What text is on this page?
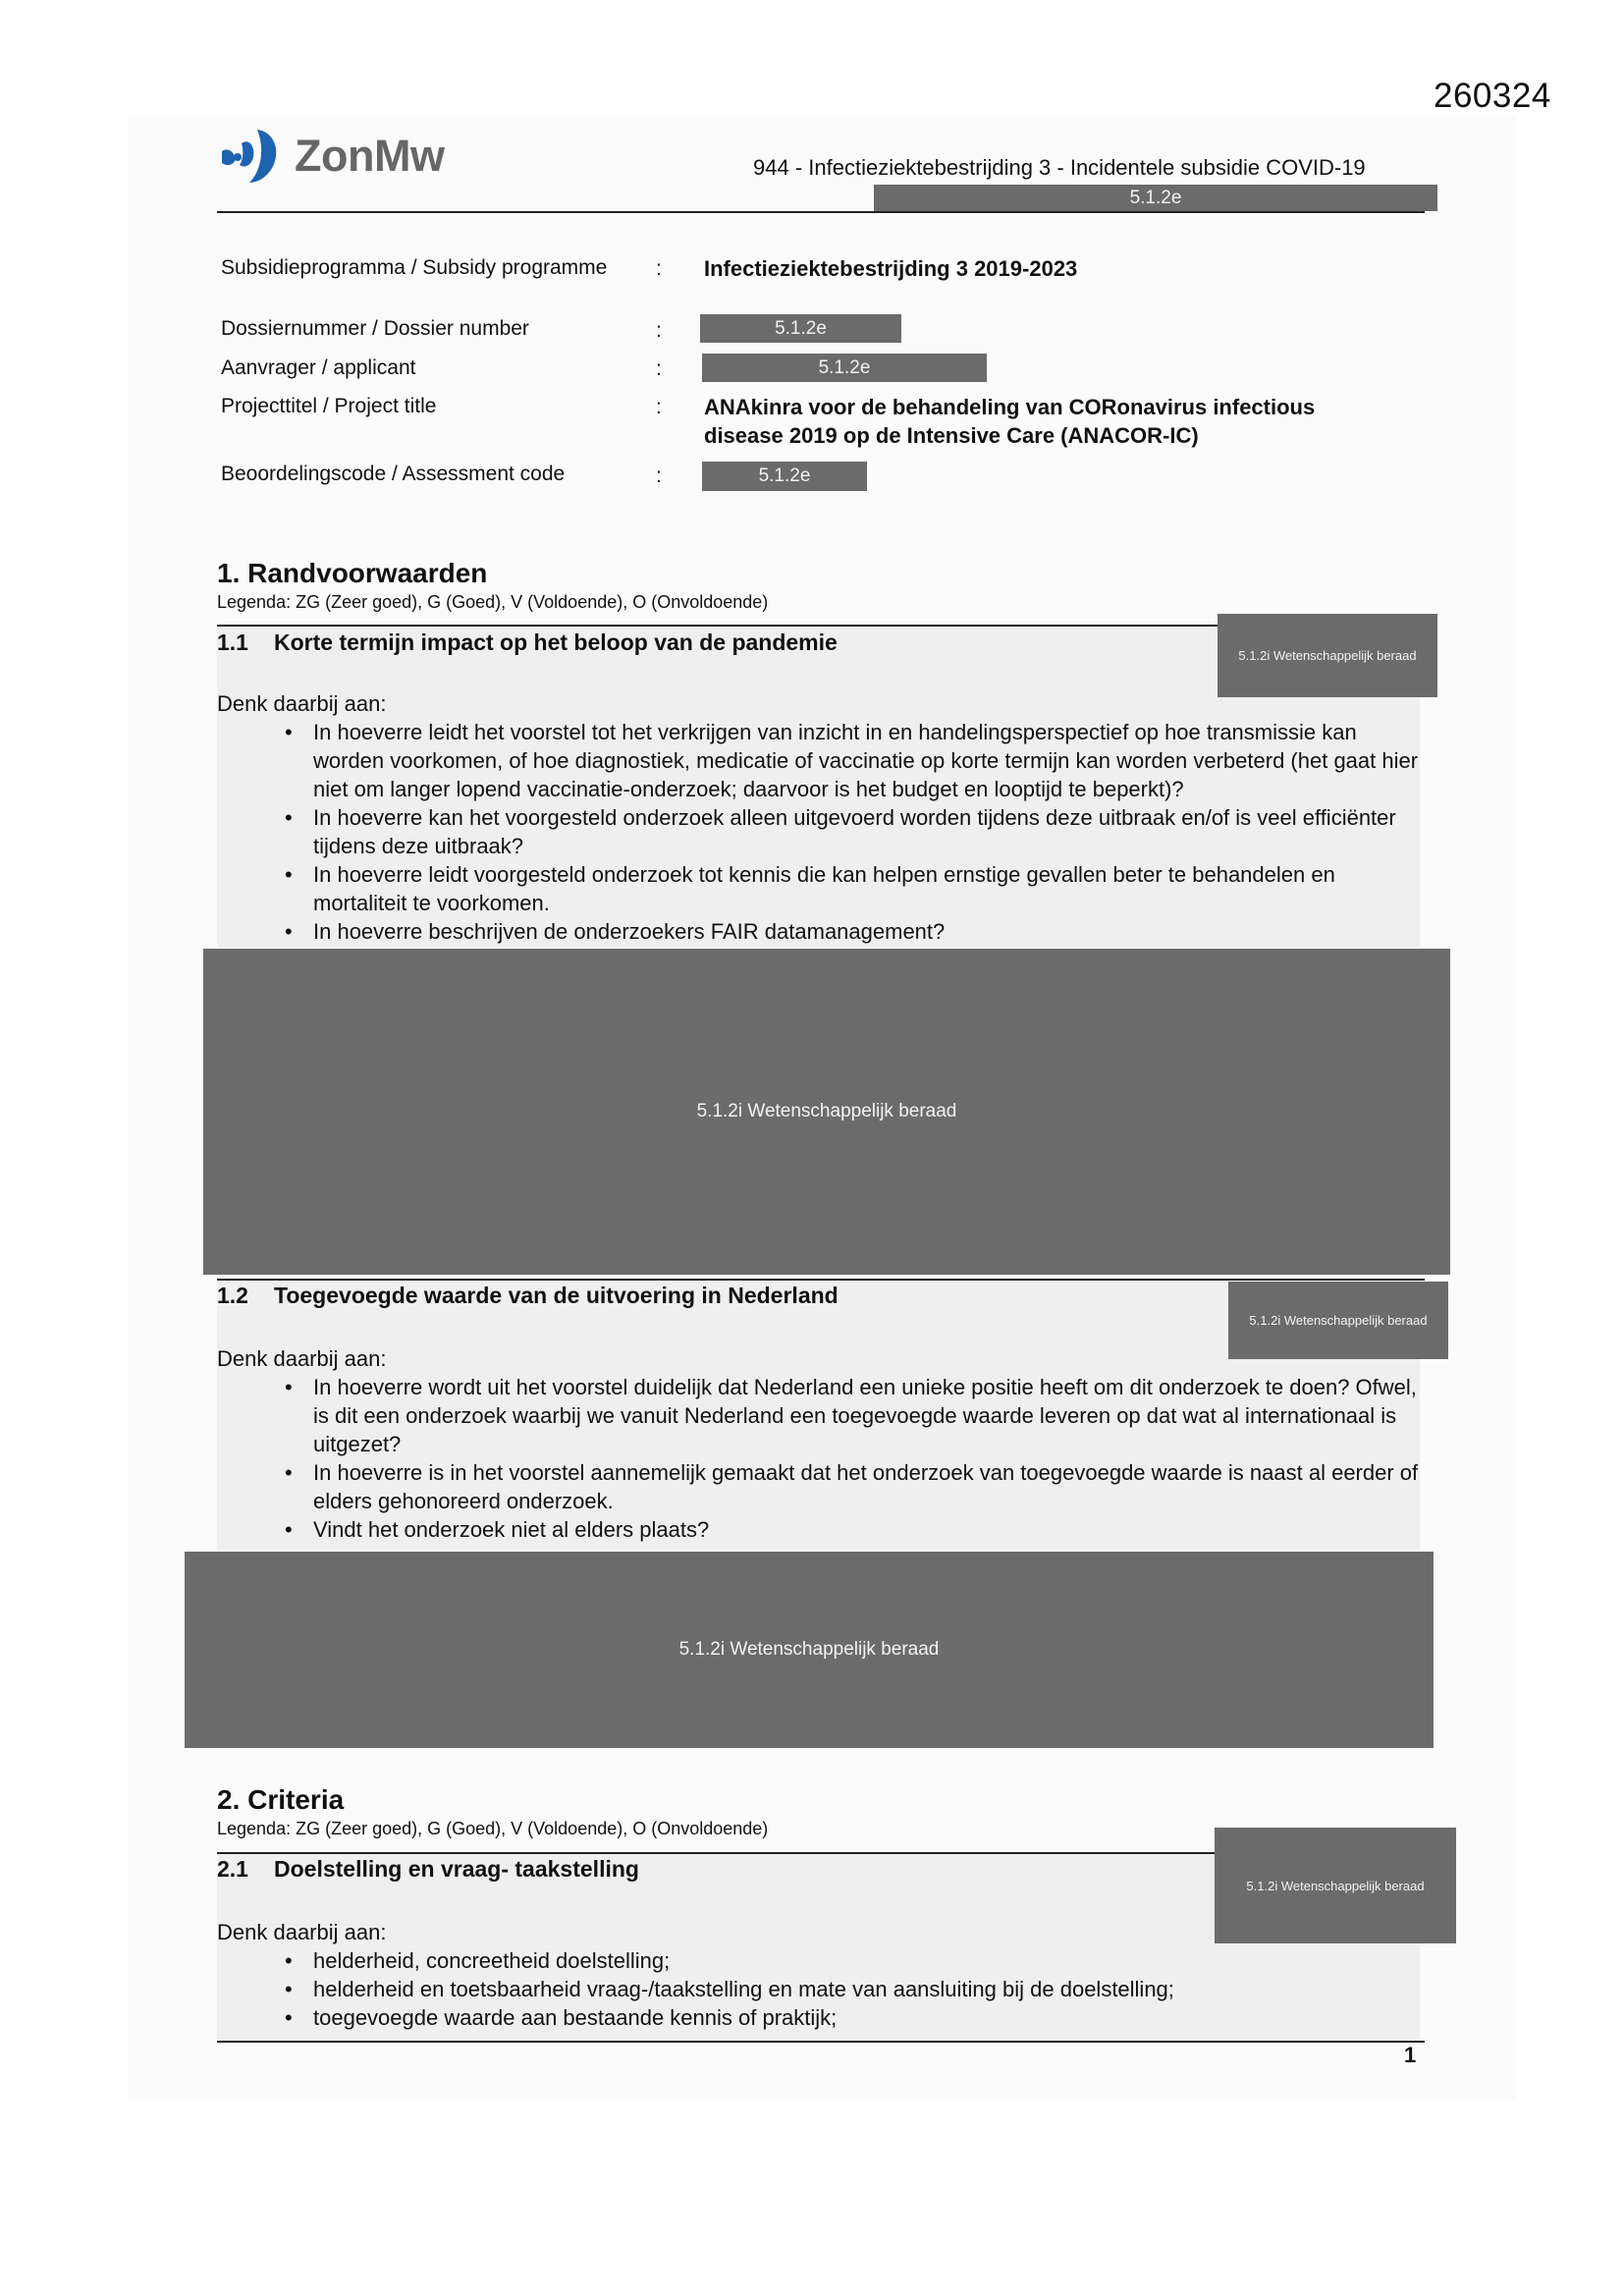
260324
ZonMw	944 - Infectieziektebestrijding 3 - Incidentele subsidie COVID-19
5.1.2e
Subsidieprogramma / Subsidy programme	: Infectieziektebestrijding 3 2019-2023
Dossiernummer / Dossier number	:	5.1.2e
Aanvrager / applicant	:	5.1.2e
Projecttitel / Project title	: ANAkinra voor de behandeling van CORonavirus infectious
disease 2019 op de Intensive Care (ANACOR-IC)
Beoordelingscode / Assessment code	:	5.1.2e
1. Randvoorwaarden
Legenda: ZG (Zeer goed), G (Goed), V (Voldoende), O (Onvoldoende)
1.1 Korte termijn impact op het beloop van de pandemie
5.1.2i Wetenschappelijk beraad
Denk daarbij aan:
• In hoeverre leidt het voorstel tot het verkrijgen van inzicht in en handelingsperspectief op hoe transmissie kan worden voorkomen, of hoe diagnostiek, medicatie of vaccinatie op korte termijn kan worden verbeterd (het gaat hier niet om langer lopend vaccinatie-onderzoek; daarvoor is het budget en looptijd te beperkt)?
• In hoeverre kan het voorgesteld onderzoek alleen uitgevoerd worden tijdens deze uitbraak en/of is veel efficiënter tijdens deze uitbraak?
• In hoeverre leidt voorgesteld onderzoek tot kennis die kan helpen ernstige gevallen beter te behandelen en mortaliteit te voorkomen.
• In hoeverre beschrijven de onderzoekers FAIR datamanagement?
5.1.2i Wetenschappelijk beraad
1.2 Toegevoegde waarde van de uitvoering in Nederland
5.1.2i Wetenschappelijk beraad
Denk daarbij aan:
• In hoeverre wordt uit het voorstel duidelijk dat Nederland een unieke positie heeft om dit onderzoek te doen? Ofwel, is dit een onderzoek waarbij we vanuit Nederland een toegevoegde waarde leveren op dat wat al internationaal is uitgezet?
• In hoeverre is in het voorstel aannemelijk gemaakt dat het onderzoek van toegevoegde waarde is naast al eerder of elders gehonoreerd onderzoek.
• Vindt het onderzoek niet al elders plaats?
5.1.2i Wetenschappelijk beraad
2. Criteria
Legenda: ZG (Zeer goed), G (Goed), V (Voldoende), O (Onvoldoende)
2.1 Doelstelling en vraag- taakstelling
5.1.2i Wetenschappelijk beraad
Denk daarbij aan:
• helderheid, concreetheid doelstelling;
• helderheid en toetsbaarheid vraag-/taakstelling en mate van aansluiting bij de doelstelling;
• toegevoegde waarde aan bestaande kennis of praktijk;
1
